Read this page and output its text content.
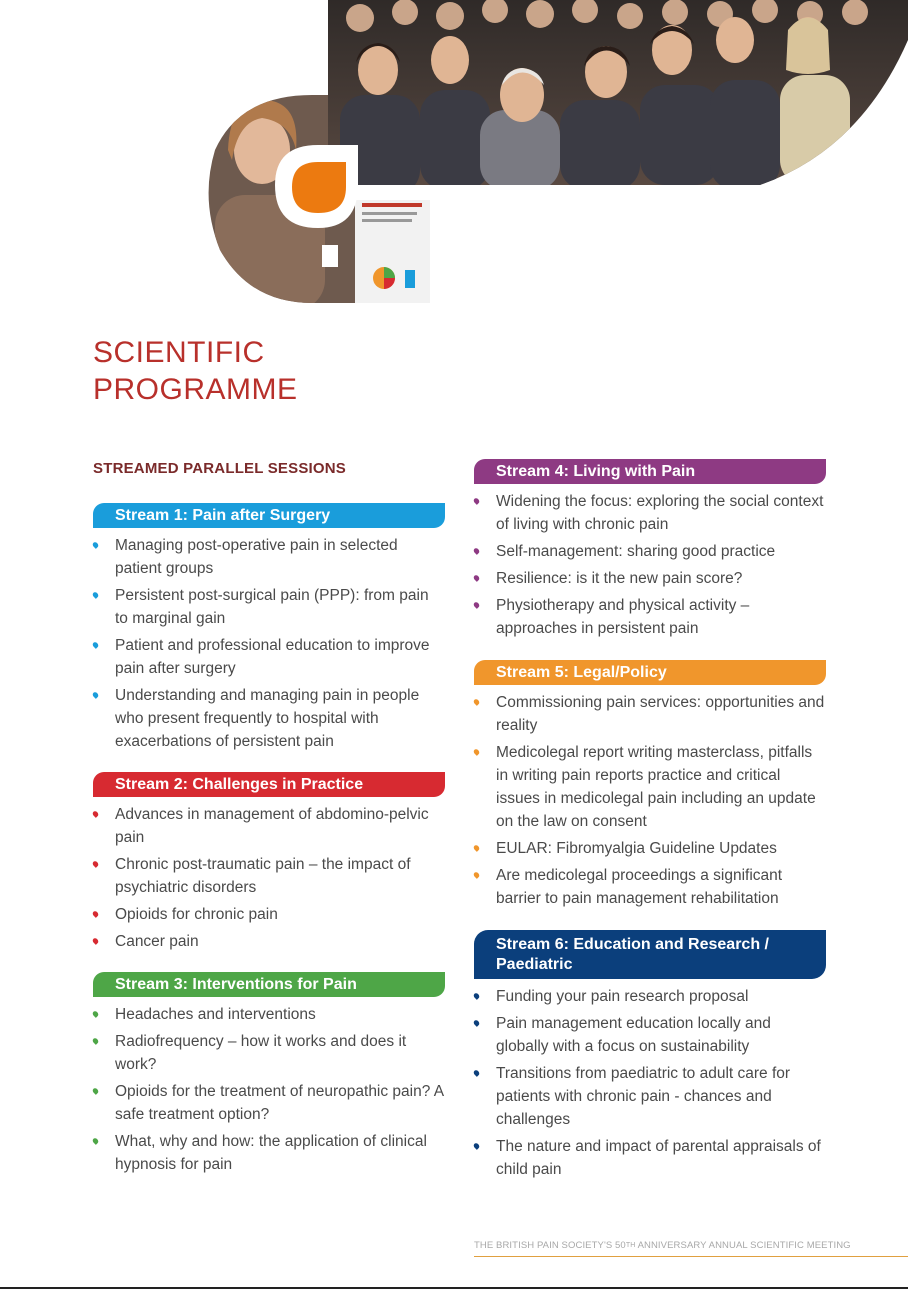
SCIENTIFIC
PROGRAMME
STREAMED PARALLEL SESSIONS
Stream 1: Pain after Surgery
Managing post-operative pain in selected patient groups
Persistent post-surgical pain (PPP): from pain to marginal gain
Patient and professional education to improve pain after surgery
Understanding and managing pain in people who present frequently to hospital with exacerbations of persistent pain
Stream 2: Challenges in Practice
Advances in management of abdomino-pelvic pain
Chronic post-traumatic pain – the impact of psychiatric disorders
Opioids for chronic pain
Cancer pain
Stream 3: Interventions for Pain
Headaches and interventions
Radiofrequency – how it works and does it work?
Opioids for the treatment of neuropathic pain? A safe treatment option?
What, why and how: the application of clinical hypnosis for pain
Stream 4: Living with Pain
Widening the focus: exploring the social context of living with chronic pain
Self-management: sharing good practice
Resilience: is it the new pain score?
Physiotherapy and physical activity – approaches in persistent pain
Stream 5: Legal/Policy
Commissioning pain services: opportunities and reality
Medicolegal report writing masterclass, pitfalls in writing pain reports practice and critical issues in medicolegal pain including an update on the law on consent
EULAR: Fibromyalgia Guideline Updates
Are medicolegal proceedings a significant barrier to pain management rehabilitation
Stream 6: Education and Research / Paediatric
Funding your pain research proposal
Pain management education locally and globally with a focus on sustainability
Transitions from paediatric to adult care for patients with chronic pain - chances and challenges
The nature and impact of parental appraisals of child pain
THE BRITISH PAIN SOCIETY'S 50TH ANNIVERSARY ANNUAL SCIENTIFIC MEETING
